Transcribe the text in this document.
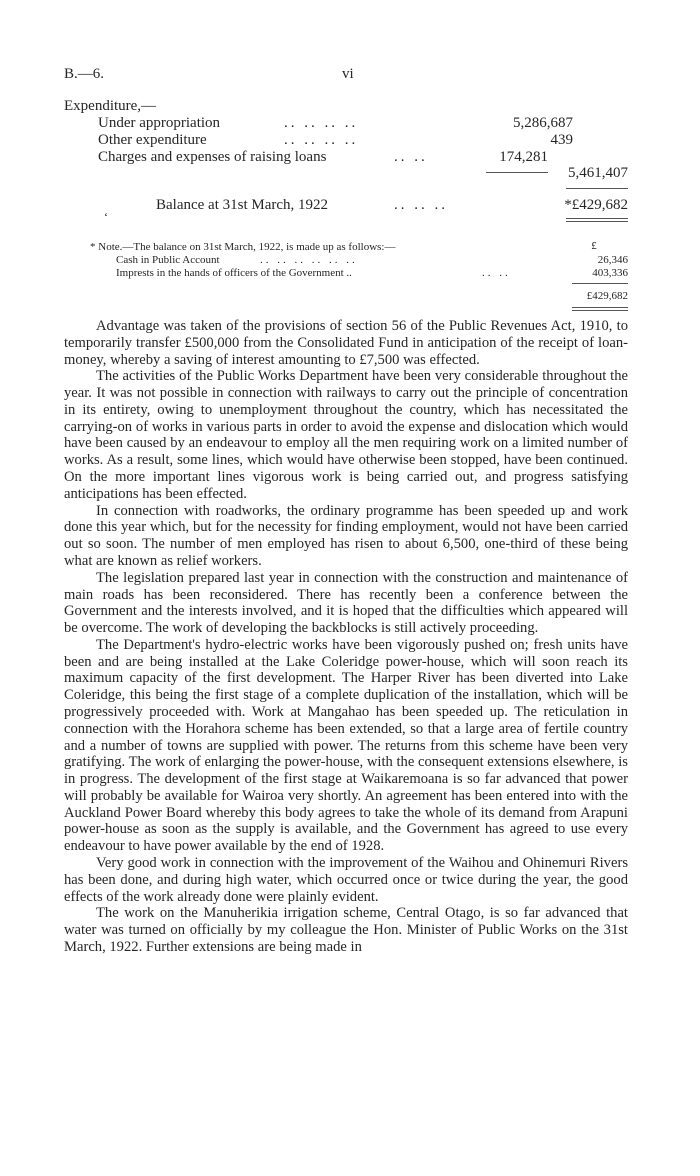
B.—6.	vi
Expenditure,—
Under appropriation	.. .. .. ..	5,286,687
Other expenditure	.. .. .. ..	439
Charges and expenses of raising loans	.. ..	174,281
5,461,407
Balance at 31st March, 1922	.. .. ..	*£429,682
‘
* Note.—The balance on 31st March, 1922, is made up as follows:—	£
Cash in Public Account	.. .. .. .. .. ..	26,346
Imprests in the hands of officers of the Government ..	.. ..	403,336
£429,682

Advantage was taken of the provisions of section 56 of the Public Revenues Act, 1910, to temporarily transfer £500,000 from the Consolidated Fund in anticipation of the receipt of loan-money, whereby a saving of interest amounting to £7,500 was effected.

The activities of the Public Works Department have been very considerable throughout the year. It was not possible in connection with railways to carry out the principle of concentration in its entirety, owing to unemployment throughout the country, which has necessitated the carrying-on of works in various parts in order to avoid the expense and dislocation which would have been caused by an endeavour to employ all the men requiring work on a limited number of works. As a result, some lines, which would have otherwise been stopped, have been continued. On the more important lines vigorous work is being carried out, and progress satisfying anticipations has been effected.

In connection with roadworks, the ordinary programme has been speeded up and work done this year which, but for the necessity for finding employment, would not have been carried out so soon. The number of men employed has risen to about 6,500, one-third of these being what are known as relief workers.

The legislation prepared last year in connection with the construction and maintenance of main roads has been reconsidered. There has recently been a conference between the Government and the interests involved, and it is hoped that the difficulties which appeared will be overcome. The work of developing the backblocks is still actively proceeding.

The Department's hydro-electric works have been vigorously pushed on; fresh units have been and are being installed at the Lake Coleridge power-house, which will soon reach its maximum capacity of the first development. The Harper River has been diverted into Lake Coleridge, this being the first stage of a complete duplication of the installation, which will be progressively proceeded with. Work at Mangahao has been speeded up. The reticulation in connection with the Horahora scheme has been extended, so that a large area of fertile country and a number of towns are supplied with power. The returns from this scheme have been very gratifying. The work of enlarging the power-house, with the consequent extensions elsewhere, is in progress. The development of the first stage at Waikaremoana is so far advanced that power will probably be available for Wairoa very shortly. An agreement has been entered into with the Auckland Power Board whereby this body agrees to take the whole of its demand from Arapuni power-house as soon as the supply is available, and the Government has agreed to use every endeavour to have power available by the end of 1928.

Very good work in connection with the improvement of the Waihou and Ohinemuri Rivers has been done, and during high water, which occurred once or twice during the year, the good effects of the work already done were plainly evident.

The work on the Manuherikia irrigation scheme, Central Otago, is so far advanced that water was turned on officially by my colleague the Hon. Minister of Public Works on the 31st March, 1922. Further extensions are being made in
